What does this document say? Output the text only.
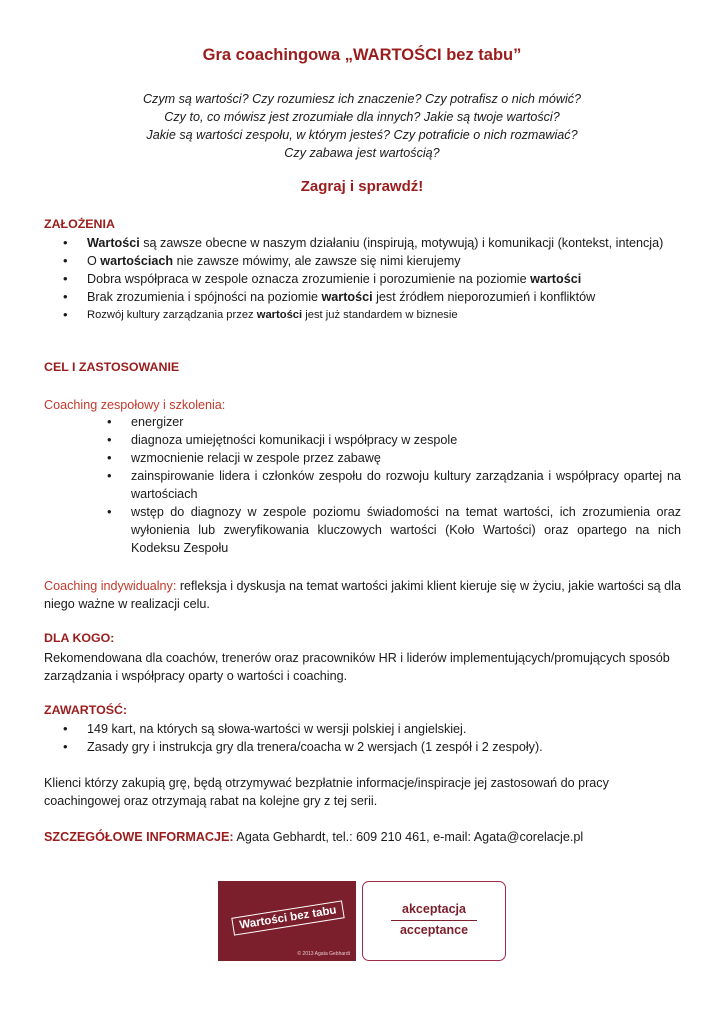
Gra coachingowa „WARTOŚCI bez tabu”
Czym są wartości? Czy rozumiesz ich znaczenie? Czy potrafisz o nich mówić?
Czy to, co mówisz jest zrozumiałe dla innych? Jakie są twoje wartości?
Jakie są wartości zespołu, w którym jesteś? Czy potraficie o nich rozmawiać?
Czy zabawa jest wartością?
Zagraj i sprawdź!
ZAŁOŻENIA
• Wartości są zawsze obecne w naszym działaniu (inspirują, motywują) i komunikacji (kontekst, intencja)
• O wartościach nie zawsze mówimy, ale zawsze się nimi kierujemy
• Dobra współpraca w zespole oznacza zrozumienie i porozumienie na poziomie wartości
• Brak zrozumienia i spójności na poziomie wartości jest źródłem nieporozumień i konfliktów
• Rozwój kultury zarządzania przez wartości jest już standardem w biznesie
CEL I ZASTOSOWANIE
Coaching zespołowy i szkolenia:
• energizer
• diagnoza umiejętności komunikacji i współpracy w zespole
• wzmocnienie relacji w zespole przez zabawę
• zainspirowanie lidera i członków zespołu do rozwoju kultury zarządzania i współpracy opartej na wartościach
• wstęp do diagnozy w zespole poziomu świadomości na temat wartości, ich zrozumienia oraz wyłonienia lub zweryfikowania kluczowych wartości (Koło Wartości) oraz opartego na nich Kodeksu Zespołu
Coaching indywidualny: refleksja i dyskusja na temat wartości jakimi klient kieruje się w życiu, jakie wartości są dla niego ważne w realizacji celu.
DLA KOGO:
Rekomendowana dla coachów, trenerów oraz pracowników HR i liderów implementujących/promujących sposób zarządzania i współpracy oparty o wartości i coaching.
ZAWARTOŚĆ:
• 149 kart, na których są słowa-wartości w wersji polskiej i angielskiej.
• Zasady gry i instrukcja gry dla trenera/coacha w 2 wersjach (1 zespół i 2 zespoły).
Klienci którzy zakupią grę, będą otrzymywać bezpłatnie informacje/inspiracje jej zastosowań do pracy coachingowej oraz otrzymają rabat na kolejne gry z tej serii.
SZCZEGÓŁOWE INFORMACJE: Agata Gebhardt, tel.: 609 210 461, e-mail: Agata@corelacje.pl
Wartości bez tabu
© 2013 Agata Gebhardt
akceptacja
acceptance
